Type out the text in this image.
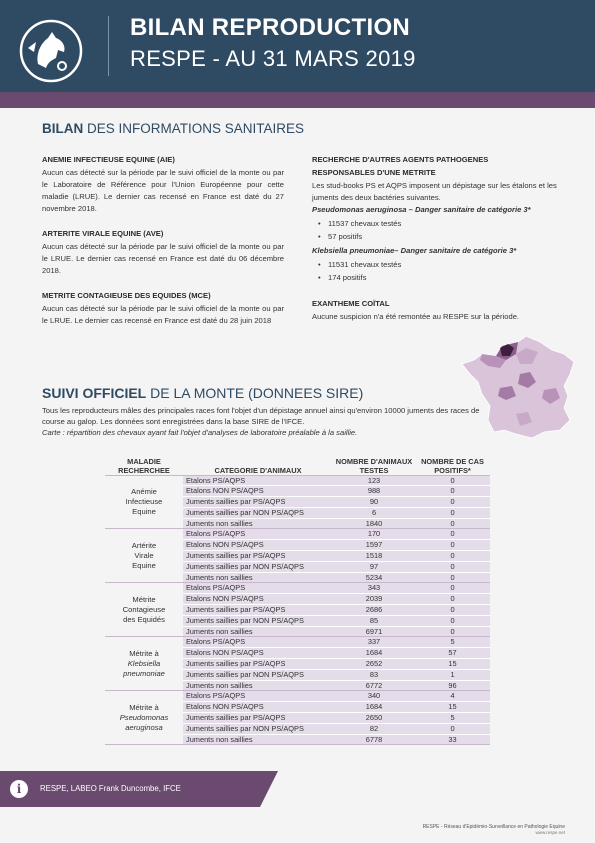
BILAN REPRODUCTION
RESPE - AU 31 MARS 2019
BILAN DES INFORMATIONS SANITAIRES
ANEMIE INFECTIEUSE EQUINE (AIE)
Aucun cas détecté sur la période par le suivi officiel de la monte ou par le Laboratoire de Référence pour l'Union Européenne pour cette maladie (LRUE). Le dernier cas recensé en France est daté du 27 novembre 2018.
ARTERITE VIRALE EQUINE (AVE)
Aucun cas détecté sur la période par le suivi officiel de la monte ou par le LRUE. Le dernier cas recensé en France est daté du 06 décembre 2018.
METRITE CONTAGIEUSE DES EQUIDES (MCE)
Aucun cas détecté sur la période par le suivi officiel de la monte ou par le LRUE. Le dernier cas recensé en France est daté du 28 juin 2018
RECHERCHE D'AUTRES AGENTS PATHOGENES
RESPONSABLES D'UNE METRITE
Les stud-books PS et AQPS imposent un dépistage sur les étalons et les juments des deux bactéries suivantes.
Pseudomonas aeruginosa – Danger sanitaire de catégorie 3*
• 11537 chevaux testés
• 57 positifs
Klebsiella pneumoniae– Danger sanitaire de catégorie 3*
• 11531 chevaux testés
• 174 positifs
EXANTHEME COÏTAL
Aucune suspicion n'a été remontée au RESPE sur la période.
SUIVI OFFICIEL DE LA MONTE (DONNEES SIRE)
Tous les reproducteurs mâles des principales races font l'objet d'un dépistage annuel ainsi qu'environ 10000 juments des races de course au galop. Les données sont enregistrées dans la base SIRE de l'IFCE.
Carte : répartition des chevaux ayant fait l'objet d'analyses de laboratoire préalable à la saillie.
MALADIE RECHERCHEE	CATEGORIE D'ANIMAUX	NOMBRE D'ANIMAUX TESTES	NOMBRE DE CAS POSITIFS*

Anémie
Infectieuse
Equine	Etalons PS/AQPS	123	0
	Etalons NON PS/AQPS	988	0
	Juments saillies par PS/AQPS	90	0
	Juments saillies par NON PS/AQPS	6	0
	Juments non saillies	1840	0

Artérite
Virale
Equine	Etalons PS/AQPS	170	0
	Etalons NON PS/AQPS	1597	0
	Juments saillies par PS/AQPS	1518	0
	Juments saillies par NON PS/AQPS	97	0
	Juments non saillies	5234	0

Métrite
Contagieuse
des Equidés	Etalons PS/AQPS	343	0
	Etalons NON PS/AQPS	2039	0
	Juments saillies par PS/AQPS	2686	0
	Juments saillies par NON PS/AQPS	85	0
	Juments non saillies	6971	0

Métrite à
Klebsiella pneumoniae	Etalons PS/AQPS	337	5
	Etalons NON PS/AQPS	1684	57
	Juments saillies par PS/AQPS	2652	15
	Juments saillies par NON PS/AQPS	83	1
	Juments non saillies	6772	96

Métrite à
Pseudomonas
aeruginosa	Etalons PS/AQPS	340	4
	Etalons NON PS/AQPS	1684	15
	Juments saillies par PS/AQPS	2650	5
	Juments saillies par NON PS/AQPS	82	0
	Juments non saillies	6778	33
i	RESPE, LABEO Frank Duncombe, IFCE
RESPE - Réseau d'Epidémio-Surveillance en Pathologie Equine
www.respe.net
